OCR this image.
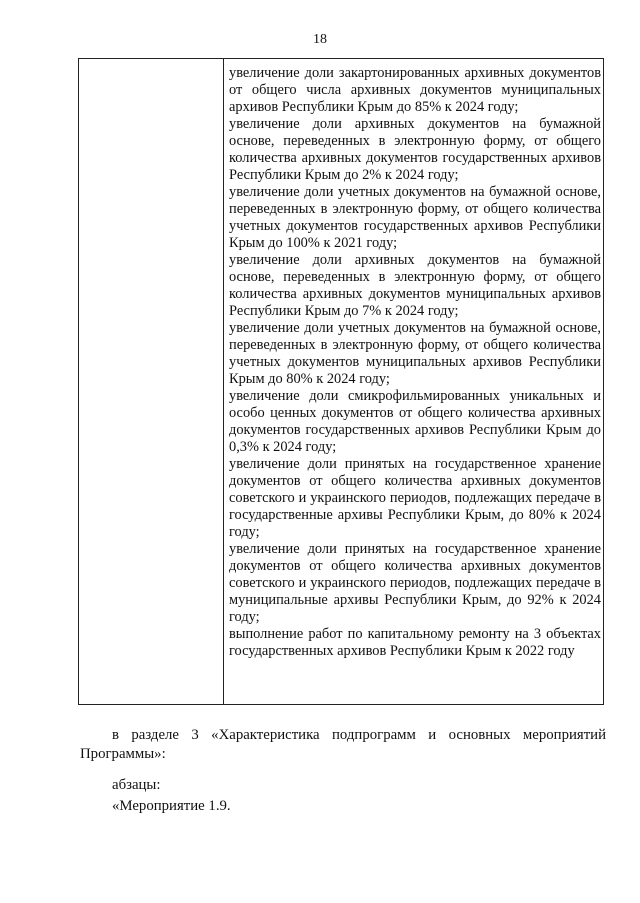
18
увеличение доли закартонированных архивных документов от общего числа архивных документов муниципальных архивов Республики Крым до 85% к 2024 году;
увеличение доли архивных документов на бумажной основе, переведенных в электронную форму, от общего количества архивных документов государственных архивов Республики Крым до 2% к 2024 году;
увеличение доли учетных документов на бумажной основе, переведенных в электронную форму, от общего количества учетных документов государственных архивов Республики Крым до 100% к 2021 году;
увеличение доли архивных документов на бумажной основе, переведенных в электронную форму, от общего количества архивных документов муниципальных архивов Республики Крым до 7% к 2024 году;
увеличение доли учетных документов на бумажной основе, переведенных в электронную форму, от общего количества учетных документов муниципальных архивов Республики Крым до 80% к 2024 году;
увеличение доли смикрофильмированных уникальных и особо ценных документов от общего количества архивных документов государственных архивов Республики Крым до 0,3% к 2024 году;
увеличение доли принятых на государственное хранение документов от общего количества архивных документов советского и украинского периодов, подлежащих передаче в государственные архивы Республики Крым, до 80% к 2024 году;
увеличение доли принятых на государственное хранение документов от общего количества архивных документов советского и украинского периодов, подлежащих передаче в муниципальные архивы Республики Крым, до 92% к 2024 году;
выполнение работ по капитальному ремонту на 3 объектах государственных архивов Республики Крым к 2022 году
в разделе 3 «Характеристика подпрограмм и основных мероприятий Программы»:
абзацы:
«Мероприятие 1.9.
